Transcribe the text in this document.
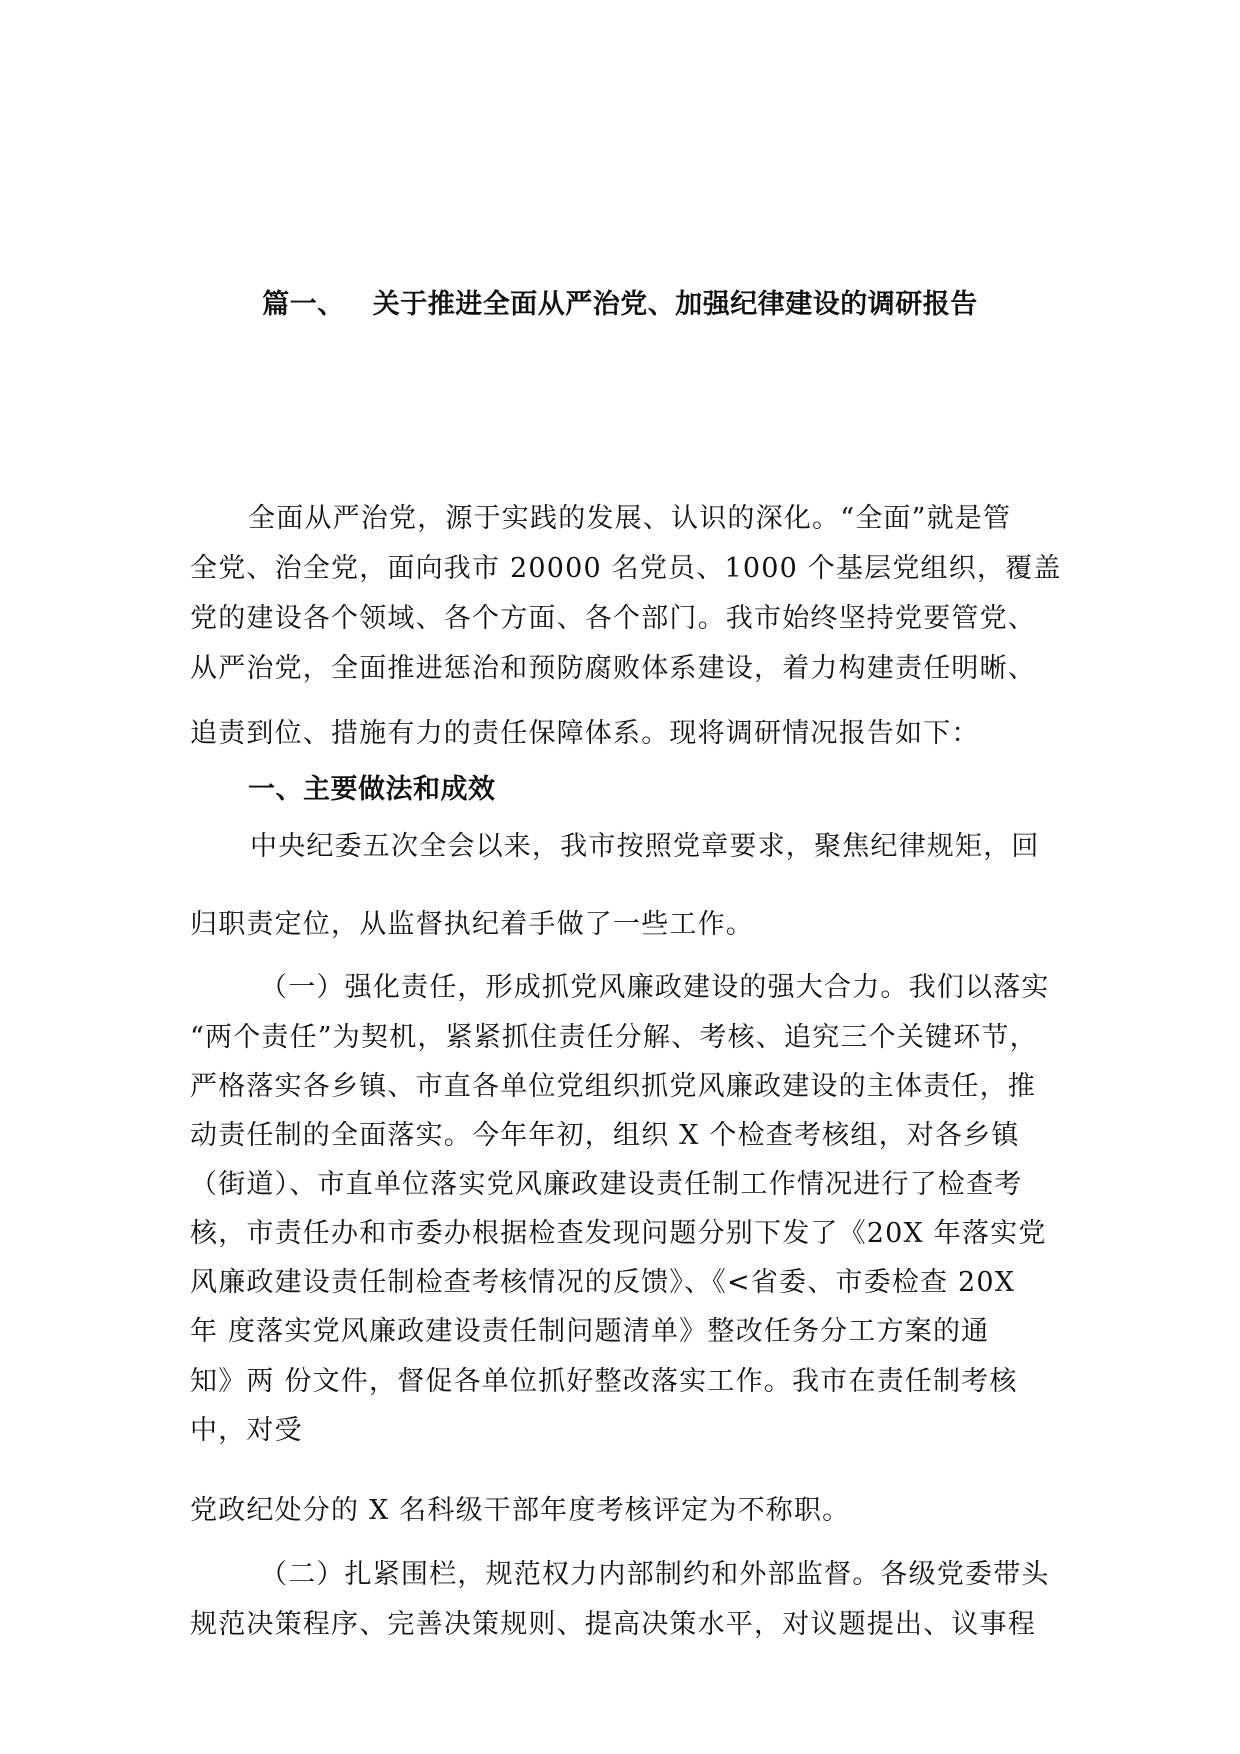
篇一、 关于推进全面从严治党、加强纪律建设的调研报告
全面从严治党，源于实践的发展、认识的深化。“全面”就是管
全党、治全党，面向我市 20000 名党员、1000 个基层党组织，覆盖
党的建设各个领域、各个方面、各个部门。我市始终坚持党要管党、
从严治党，全面推进惩治和预防腐败体系建设，着力构建责任明晰、
追责到位、措施有力的责任保障体系。现将调研情况报告如下：
一、主要做法和成效
中央纪委五次全会以来，我市按照党章要求，聚焦纪律规矩，回
归职责定位，从监督执纪着手做了一些工作。
（一）强化责任，形成抓党风廉政建设的强大合力。我们以落实
“两个责任”为契机，紧紧抓住责任分解、考核、追究三个关键环节，
严格落实各乡镇、市直各单位党组织抓党风廉政建设的主体责任，推
动责任制的全面落实。今年年初，组织 X 个检查考核组，对各乡镇
（街道）、市直单位落实党风廉政建设责任制工作情况进行了检查考
核，市责任办和市委办根据检查发现问题分别下发了《20X 年落实党
风廉政建设责任制检查考核情况的反馈》、《<省委、市委检查 20X
年 度落实党风廉政建设责任制问题清单》整改任务分工方案的通
知》两 份文件，督促各单位抓好整改落实工作。我市在责任制考核
中，对受
党政纪处分的 X 名科级干部年度考核评定为不称职。
（二）扎紧围栏，规范权力内部制约和外部监督。各级党委带头
规范决策程序、完善决策规则、提高决策水平，对议题提出、议事程
